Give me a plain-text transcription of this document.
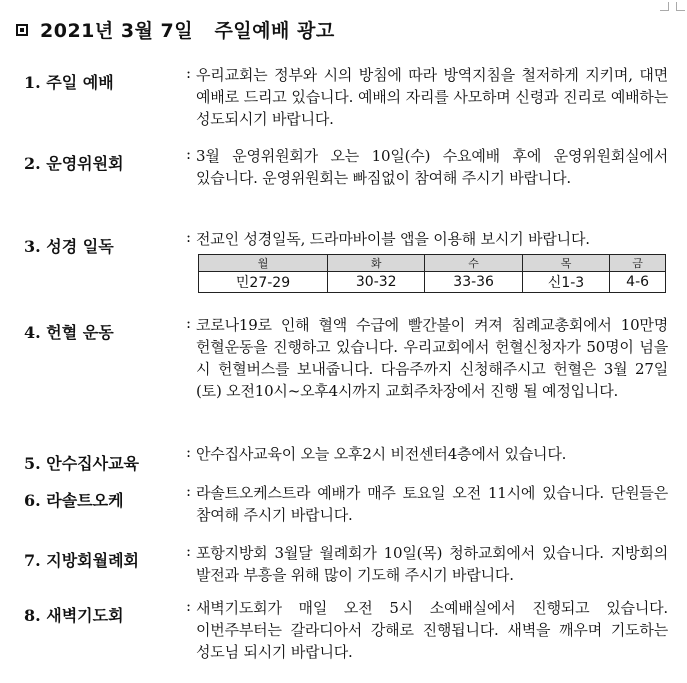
2021년 3월 7일   주일예배 광고
1. 주일 예배	: 우리교회는 정부와 시의 방침에 따라 방역지침을 철저하게 지키며, 대면 예배로 드리고 있습니다. 예배의 자리를 사모하며 신령과 진리로 예배하는 성도되시기 바랍니다.
2. 운영위원회	: 3월 운영위원회가 오는 10일(수) 수요예배 후에 운영위원회실에서 있습니다. 운영위원회는 빠짐없이 참여해 주시기 바랍니다.
3. 성경 일독	: 전교인 성경일독, 드라마바이블 앱을 이용해 보시기 바랍니다.
월	화	수	목	금
민27-29	30-32	33-36	신1-3	4-6
4. 헌혈 운동	: 코로나19로 인해 혈액 수급에 빨간불이 켜져 침례교총회에서 10만명 헌혈운동을 진행하고 있습니다. 우리교회에서 헌혈신청자가 50명이 넘을 시 헌혈버스를 보내줍니다. 다음주까지 신청해주시고 헌혈은 3월 27일(토) 오전10시~오후4시까지 교회주차장에서 진행 될 예정입니다.
5. 안수집사교육
: 안수집사교육이 오늘 오후2시 비전센터4층에서 있습니다.
6. 라솔트오케	: 라솔트오케스트라 예배가 매주 토요일 오전 11시에 있습니다. 단원들은 참여해 주시기 바랍니다.
7. 지방회월례회	: 포항지방회 3월달 월례회가 10일(목) 청하교회에서 있습니다. 지방회의 발전과 부흥을 위해 많이 기도해 주시기 바랍니다.
8. 새벽기도회	: 새벽기도회가 매일 오전 5시 소예배실에서 진행되고 있습니다. 이번주부터는 갈라디아서 강해로 진행됩니다. 새벽을 깨우며 기도하는 성도님 되시기 바랍니다.
